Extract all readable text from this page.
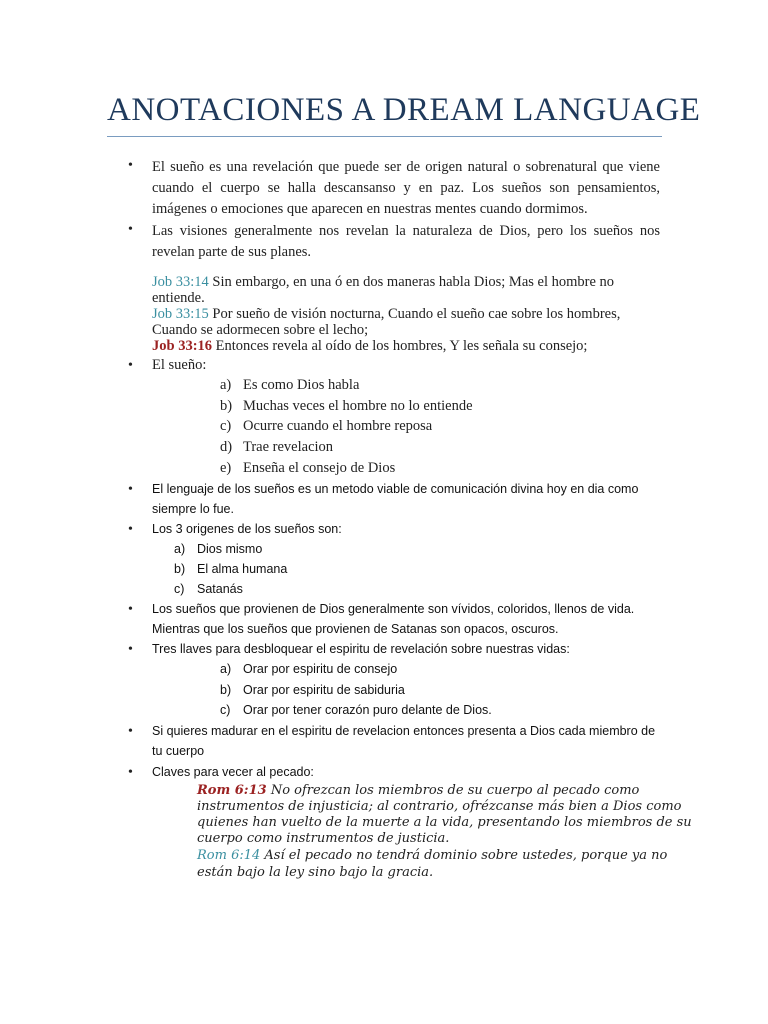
ANOTACIONES A DREAM LANGUAGE
• El sueño es una revelación que puede ser de origen natural o sobrenatural que viene cuando el cuerpo se halla descansanso y en paz. Los sueños son pensamientos, imágenes o emociones que aparecen en nuestras mentes cuando dormimos.
• Las visiones generalmente nos revelan la naturaleza de Dios, pero los sueños nos revelan parte de sus planes.
Job 33:14 Sin embargo, en una ó en dos maneras habla Dios; Mas el hombre no
entiende.
Job 33:15 Por sueño de visión nocturna, Cuando el sueño cae sobre los hombres,
Cuando se adormecen sobre el lecho;
Job 33:16 Entonces revela al oído de los hombres, Y les señala su consejo;
• El sueño:
a) Es como Dios habla
b) Muchas veces el hombre no lo entiende
c) Ocurre cuando el hombre reposa
d) Trae revelacion
e) Enseña el consejo de Dios
• El lenguaje de los sueños es un metodo viable de comunicación divina hoy en dia como
siempre lo fue.
• Los 3 origenes de los sueños son:
a) Dios mismo
b) El alma humana
c) Satanás
• Los sueños que provienen de Dios generalmente son vívidos, coloridos, llenos de vida.
Mientras que los sueños que provienen de Satanas son opacos, oscuros.
• Tres llaves para desbloquear el espiritu de revelación sobre nuestras vidas:
a) Orar por espiritu de consejo
b) Orar por espiritu de sabiduria
c) Orar por tener corazón puro delante de Dios.
• Si quieres madurar en el espiritu de revelacion entonces presenta a Dios cada miembro de
tu cuerpo
• Claves para vecer al pecado:
Rom 6:13 No ofrezcan los miembros de su cuerpo al pecado como
instrumentos de injusticia; al contrario, ofrézcanse más bien a Dios como
quienes han vuelto de la muerte a la vida, presentando los miembros de su
cuerpo como instrumentos de justicia.
Rom 6:14 Así el pecado no tendrá dominio sobre ustedes, porque ya no
están bajo la ley sino bajo la gracia.
